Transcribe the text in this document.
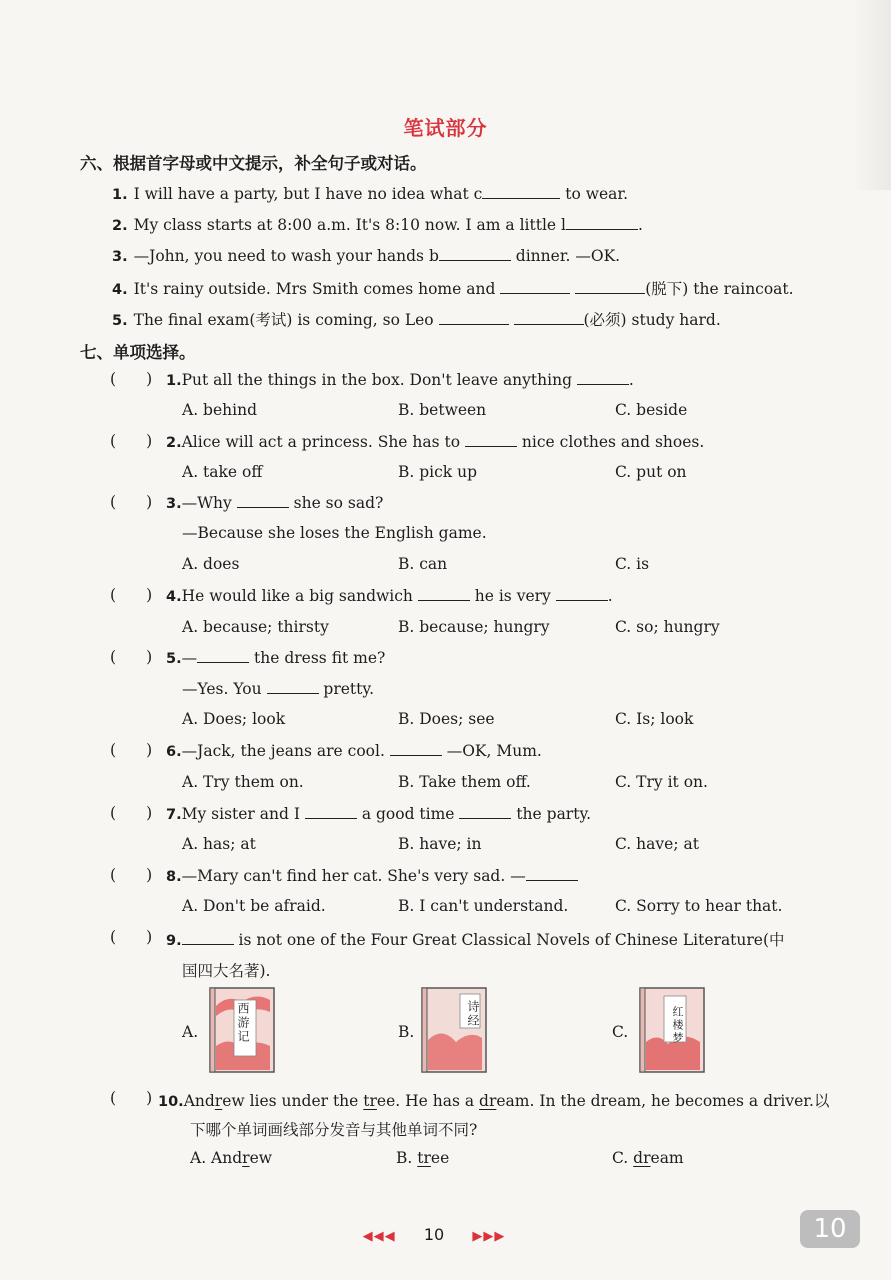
笔试部分
六、根据首字母或中文提示，补全句子或对话。
1. I will have a party, but I have no idea what c	to wear.
2. My class starts at 8:00 a.m. It's 8:10 now. I am a little l	.
3. —John, you need to wash your hands b	dinner. —OK.
4. It's rainy outside. Mrs Smith comes home and	(脱下) the raincoat.
5. The final exam(考试) is coming, so Leo	(必须) study hard.
七、单项选择。
( ) 1.Put all the things in the box. Don't leave anything	.
A. behind	B. between	C. beside
( ) 2.Alice will act a princess. She has to	nice clothes and shoes.
A. take off	B. pick up	C. put on
( ) 3.—Why	she so sad?
—Because she loses the English game.
A. does	B. can	C. is
( ) 4.He would like a big sandwich	he is very	.
A. because; thirsty	B. because; hungry	C. so; hungry
( ) 5.—	the dress fit me?
—Yes. You	pretty.
A. Does; look	B. Does; see	C. Is; look
( ) 6.—Jack, the jeans are cool.	—OK, Mum.
A. Try them on.	B. Take them off.	C. Try it on.
( ) 7.My sister and I	a good time	the party.
A. has; at	B. have; in	C. have; at
( ) 8.—Mary can't find her cat. She's very sad. —
A. Don't be afraid.	B. I can't understand.	C. Sorry to hear that.
( ) 9.	is not one of the Four Great Classical Novels of Chinese Literature(中
国四大名著).
A.	西游记	B.
诗经
C.	红楼梦
( ) 10.Andrew lies under the tree. He has a dream. In the dream, he becomes a driver.以
下哪个单词画线部分发音与其他单词不同?
A. Andrew	B. tree	C. dream
◀◀◀ 10 ▶▶▶	10
